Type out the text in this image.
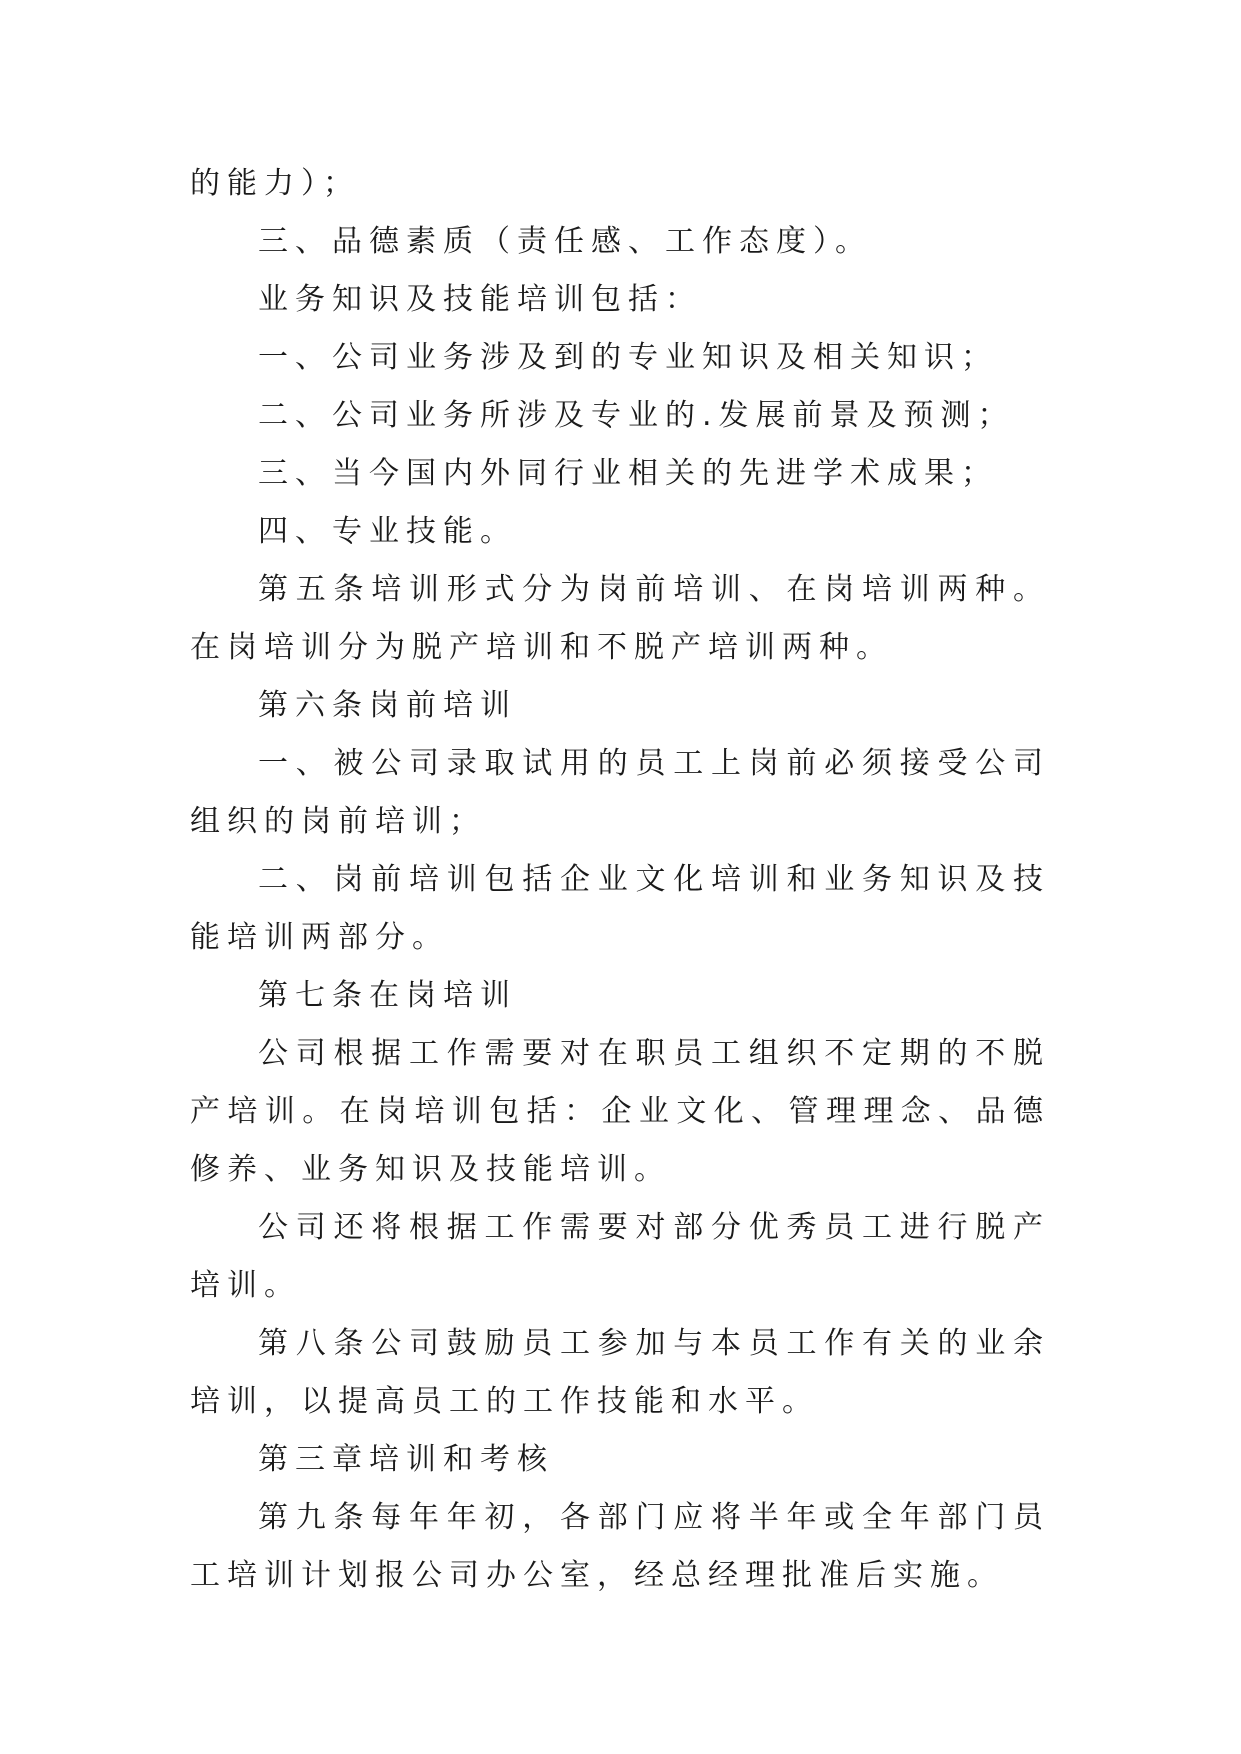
的能力）；

三、品德素质（责任感、工作态度）。

业务知识及技能培训包括：

一、公司业务涉及到的专业知识及相关知识；

二、公司业务所涉及专业的.发展前景及预测；

三、当今国内外同行业相关的先进学术成果；

四、专业技能。

第五条培训形式分为岗前培训、在岗培训两种。在岗培训分为脱产培训和不脱产培训两种。

第六条岗前培训

一、被公司录取试用的员工上岗前必须接受公司组织的岗前培训；

二、岗前培训包括企业文化培训和业务知识及技能培训两部分。

第七条在岗培训

公司根据工作需要对在职员工组织不定期的不脱产培训。在岗培训包括：企业文化、管理理念、品德修养、业务知识及技能培训。

公司还将根据工作需要对部分优秀员工进行脱产培训。

第八条公司鼓励员工参加与本员工作有关的业余培训，以提高员工的工作技能和水平。

第三章培训和考核

第九条每年年初，各部门应将半年或全年部门员工培训计划报公司办公室，经总经理批准后实施。
